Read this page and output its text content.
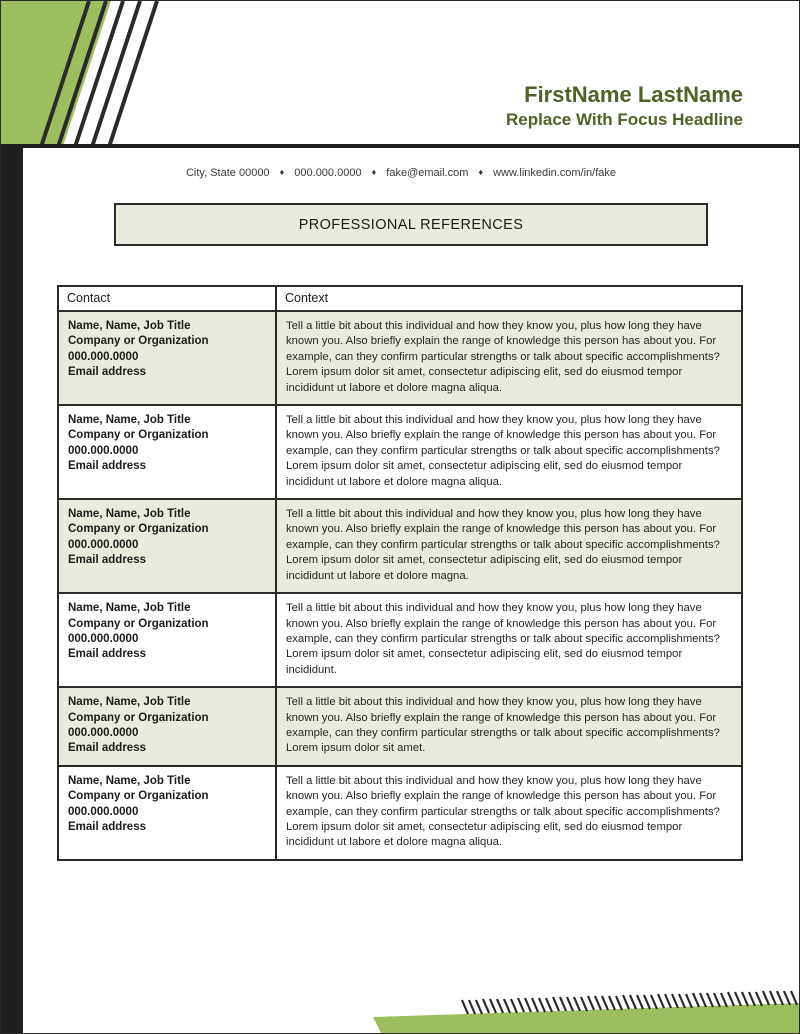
FirstName LastName
Replace With Focus Headline
City, State 00000 ♦ 000.000.0000 ♦ fake@email.com ♦ www.linkedin.com/in/fake
PROFESSIONAL REFERENCES
Contact	Context

Name, Name, Job Title
Company or Organization
000.000.0000
Email address
	Tell a little bit about this individual and how they know you, plus how long they have known you. Also briefly explain the range of knowledge this person has about you. For example, can they confirm particular strengths or talk about specific accomplishments? Lorem ipsum dolor sit amet, consectetur adipiscing elit, sed do eiusmod tempor incididunt ut labore et dolore magna aliqua.

Name, Name, Job Title
Company or Organization
000.000.0000
Email address
	Tell a little bit about this individual and how they know you, plus how long they have known you. Also briefly explain the range of knowledge this person has about you. For example, can they confirm particular strengths or talk about specific accomplishments? Lorem ipsum dolor sit amet, consectetur adipiscing elit, sed do eiusmod tempor incididunt ut labore et dolore magna aliqua.

Name, Name, Job Title
Company or Organization
000.000.0000
Email address
	Tell a little bit about this individual and how they know you, plus how long they have known you. Also briefly explain the range of knowledge this person has about you. For example, can they confirm particular strengths or talk about specific accomplishments? Lorem ipsum dolor sit amet, consectetur adipiscing elit, sed do eiusmod tempor incididunt ut labore et dolore magna.

Name, Name, Job Title
Company or Organization
000.000.0000
Email address
	Tell a little bit about this individual and how they know you, plus how long they have known you. Also briefly explain the range of knowledge this person has about you. For example, can they confirm particular strengths or talk about specific accomplishments? Lorem ipsum dolor sit amet, consectetur adipiscing elit, sed do eiusmod tempor incididunt.

Name, Name, Job Title
Company or Organization
000.000.0000
Email address
	Tell a little bit about this individual and how they know you, plus how long they have known you. Also briefly explain the range of knowledge this person has about you. For example, can they confirm particular strengths or talk about specific accomplishments? Lorem ipsum dolor sit amet.

Name, Name, Job Title
Company or Organization
000.000.0000
Email address
	Tell a little bit about this individual and how they know you, plus how long they have known you. Also briefly explain the range of knowledge this person has about you. For example, can they confirm particular strengths or talk about specific accomplishments? Lorem ipsum dolor sit amet, consectetur adipiscing elit, sed do eiusmod tempor incididunt ut labore et dolore magna aliqua.
